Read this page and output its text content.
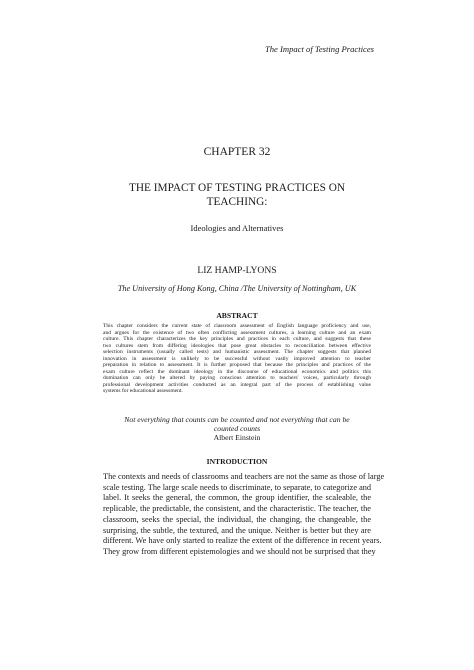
The Impact of Testing Practices
CHAPTER 32
THE IMPACT OF TESTING PRACTICES ON
TEACHING:
Ideologies and Alternatives
LIZ HAMP-LYONS
The University of Hong Kong, China /The University of Nottingham, UK
ABSTRACT
This chapter considers the current state of classroom assessment of English language proficiency and use,
and argues for the existence of two often conflicting assessment cultures, a learning culture and an exam
culture. This chapter characterizes the key principles and practices in each culture, and suggests that these
two cultures stem from differing ideologies that pose great obstacles to reconciliation between effective
selection instruments (usually called tests) and humanistic assessment. The chapter suggests that planned
innovation in assessment is unlikely to be successful without vastly improved attention to teacher
preparation in relation to assessment. It is further proposed that because the principles and practices of the
exam culture reflect the dominant ideology in the discourse of educational economics and politics this
domination can only be altered by paying conscious attention to teachers' voices, particularly through
professional development activities conducted as an integral part of the process of establishing value
systems for educational assessment.
Not everything that counts can be counted and not everything that can be
counted counts
Albert Einstein
INTRODUCTION
The contexts and needs of classrooms and teachers are not the same as those of large
scale testing. The large scale needs to discriminate, to separate, to categorize and
label. It seeks the general, the common, the group identifier, the scaleable, the
replicable, the predictable, the consistent, and the characteristic. The teacher, the
classroom, seeks the special, the individual, the changing, the changeable, the
surprising, the subtle, the textured, and the unique. Neither is better but they are
different. We have only started to realize the extent of the difference in recent years.
They grow from different epistemologies and we should not be surprised that they
